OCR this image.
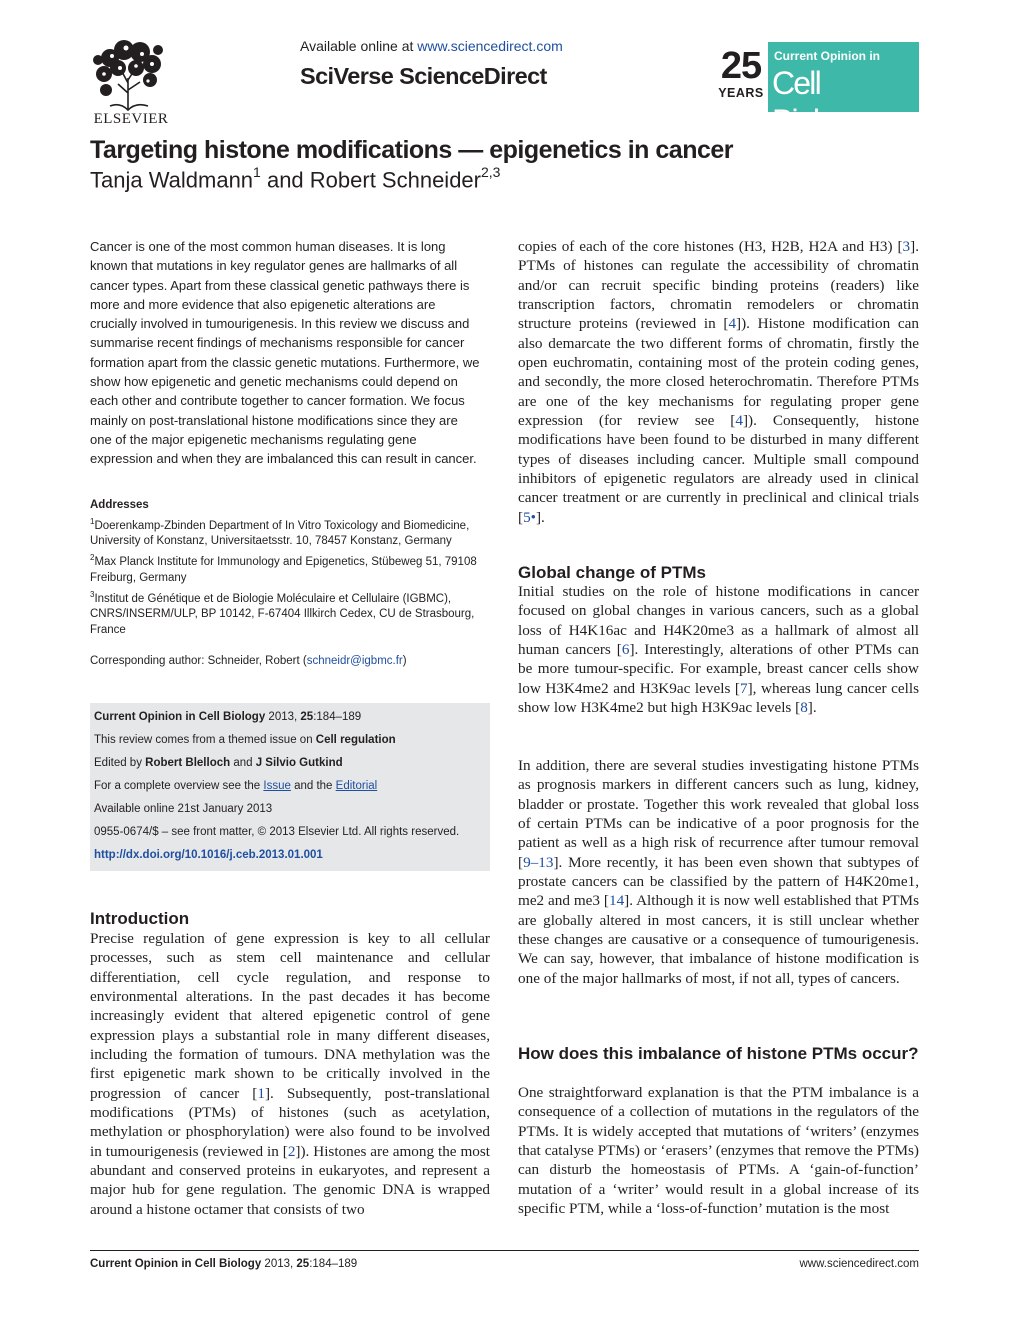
ELSEVIER
Available online at www.sciencedirect.com
SciVerse ScienceDirect	25
YEARS
Current Opinion in
Cell Biology
Targeting histone modifications — epigenetics in cancer
Tanja Waldmann$^1$ and Robert Schneider$^{2,3}$
Cancer is one of the most common human diseases. It is long known that mutations in key regulator genes are hallmarks of all cancer types. Apart from these classical genetic pathways there is more and more evidence that also epigenetic alterations are crucially involved in tumourigenesis. In this review we discuss and summarise recent findings of mechanisms responsible for cancer formation apart from the classic genetic mutations. Furthermore, we show how epigenetic and genetic mechanisms could depend on each other and contribute together to cancer formation. We focus mainly on post-translational histone modifications since they are one of the major epigenetic mechanisms regulating gene expression and when they are imbalanced this can result in cancer.
Addresses
$^1$Doerenkamp-Zbinden Department of In Vitro Toxicology and Biomedicine, University of Konstanz, Universitaetsstr. 10, 78457 Konstanz, Germany
$^2$Max Planck Institute for Immunology and Epigenetics, Stübeweg 51, 79108 Freiburg, Germany
$^3$Institut de Génétique et de Biologie Moléculaire et Cellulaire (IGBMC), CNRS/INSERM/ULP, BP 10142, F-67404 Illkirch Cedex, CU de Strasbourg, France
Corresponding author: Schneider, Robert (schneidr@igbmc.fr)
Current Opinion in Cell Biology 2013, 25:184–189
This review comes from a themed issue on Cell regulation
Edited by Robert Blelloch and J Silvio Gutkind
For a complete overview see the Issue and the Editorial
Available online 21st January 2013
0955-0674/$ – see front matter, © 2013 Elsevier Ltd. All rights reserved.
http://dx.doi.org/10.1016/j.ceb.2013.01.001
Introduction
Precise regulation of gene expression is key to all cellular processes, such as stem cell maintenance and cellular differentiation, cell cycle regulation, and response to environmental alterations. In the past decades it has become increasingly evident that altered epigenetic control of gene expression plays a substantial role in many different diseases, including the formation of tumours. DNA methylation was the first epigenetic mark shown to be critically involved in the progression of cancer [1]. Subsequently, post-translational modifications (PTMs) of histones (such as acetylation, methylation or phosphorylation) were also found to be involved in tumourigenesis (reviewed in [2]). Histones are among the most abundant and conserved proteins in eukaryotes, and represent a major hub for gene regulation. The genomic DNA is wrapped around a histone octamer that consists of two
copies of each of the core histones (H3, H2B, H2A and H3) [3]. PTMs of histones can regulate the accessibility of chromatin and/or can recruit specific binding proteins (readers) like transcription factors, chromatin remodelers or chromatin structure proteins (reviewed in [4]). Histone modification can also demarcate the two different forms of chromatin, firstly the open euchromatin, containing most of the protein coding genes, and secondly, the more closed heterochromatin. Therefore PTMs are one of the key mechanisms for regulating proper gene expression (for review see [4]). Consequently, histone modifications have been found to be disturbed in many different types of diseases including cancer. Multiple small compound inhibitors of epigenetic regulators are already used in clinical cancer treatment or are currently in preclinical and clinical trials [5•].
Global change of PTMs
Initial studies on the role of histone modifications in cancer focused on global changes in various cancers, such as a global loss of H4K16ac and H4K20me3 as a hallmark of almost all human cancers [6]. Interestingly, alterations of other PTMs can be more tumour-specific. For example, breast cancer cells show low H3K4me2 and H3K9ac levels [7], whereas lung cancer cells show low H3K4me2 but high H3K9ac levels [8].
In addition, there are several studies investigating histone PTMs as prognosis markers in different cancers such as lung, kidney, bladder or prostate. Together this work revealed that global loss of certain PTMs can be indicative of a poor prognosis for the patient as well as a high risk of recurrence after tumour removal [9–13]. More recently, it has been even shown that subtypes of prostate cancers can be classified by the pattern of H4K20me1, me2 and me3 [14]. Although it is now well established that PTMs are globally altered in most cancers, it is still unclear whether these changes are causative or a consequence of tumourigenesis. We can say, however, that imbalance of histone modification is one of the major hallmarks of most, if not all, types of cancers.
How does this imbalance of histone PTMs occur?
One straightforward explanation is that the PTM imbalance is a consequence of a collection of mutations in the regulators of the PTMs. It is widely accepted that mutations of ‘writers’ (enzymes that catalyse PTMs) or ‘erasers’ (enzymes that remove the PTMs) can disturb the homeostasis of PTMs. A ‘gain-of-function’ mutation of a ‘writer’ would result in a global increase of its specific PTM, while a ‘loss-of-function’ mutation is the most
Current Opinion in Cell Biology 2013, 25:184–189	www.sciencedirect.com
